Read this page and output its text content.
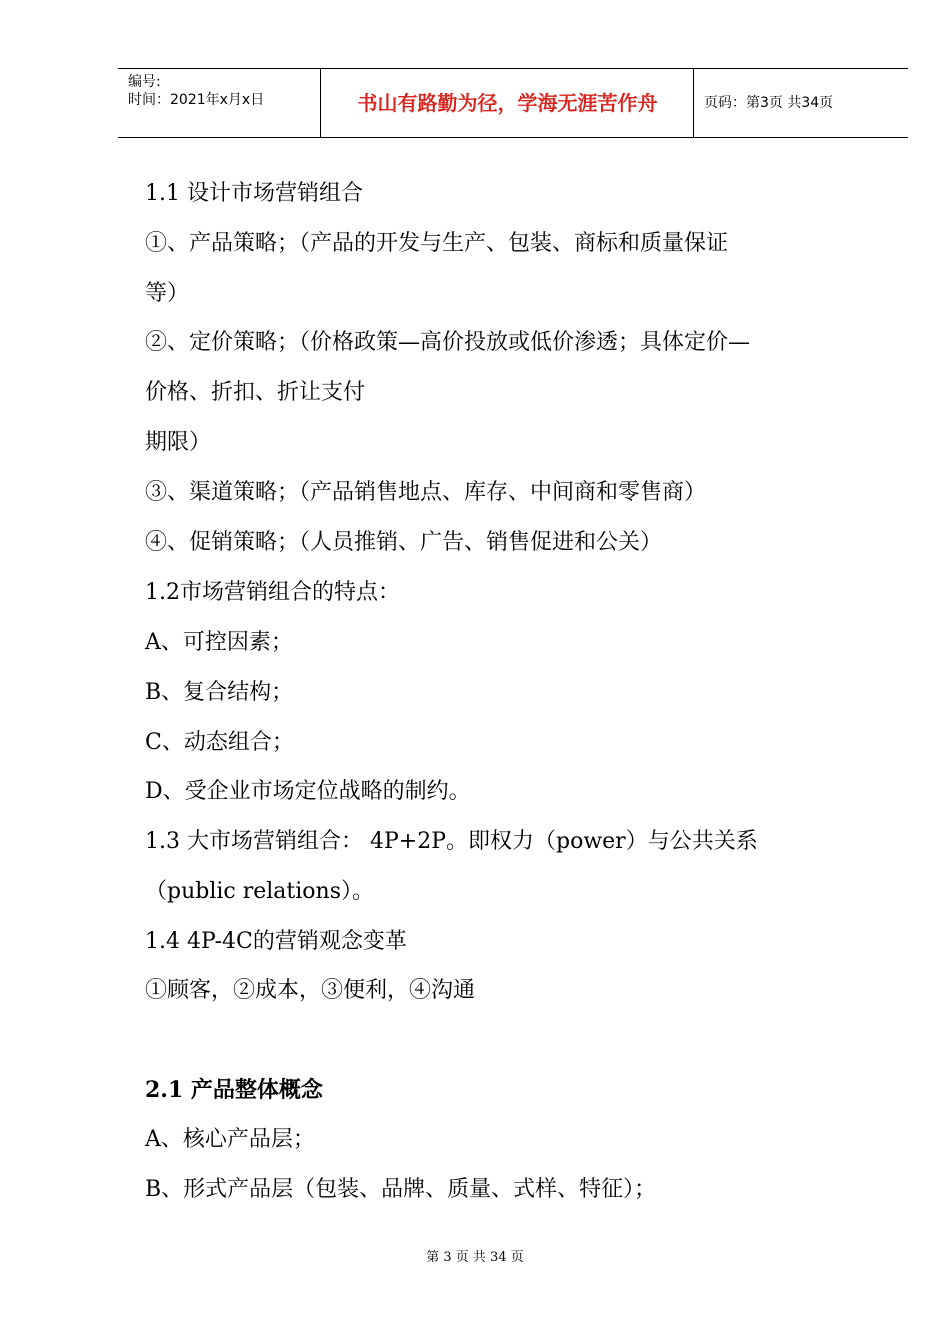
编号:
时间：2021年x月x日	书山有路勤为径，学海无涯苦作舟	页码：第3页 共34页
1.1 设计市场营销组合
①、产品策略；（产品的开发与生产、包装、商标和质量保证
等）
②、定价策略；（价格政策—高价投放或低价渗透；具体定价—
价格、折扣、折让支付
期限）
③、渠道策略；（产品销售地点、库存、中间商和零售商）
④、促销策略；（人员推销、广告、销售促进和公关）
1.2市场营销组合的特点：
A、可控因素；
B、复合结构；
C、动态组合；
D、受企业市场定位战略的制约。
1.3 大市场营销组合： 4P+2P。即权力（power）与公共关系
（public relations）。
1.4 4P-4C的营销观念变革
①顾客，②成本，③便利，④沟通
2.1 产品整体概念
A、核心产品层；
B、形式产品层（包装、品牌、质量、式样、特征）；
第 3 页 共 34 页
